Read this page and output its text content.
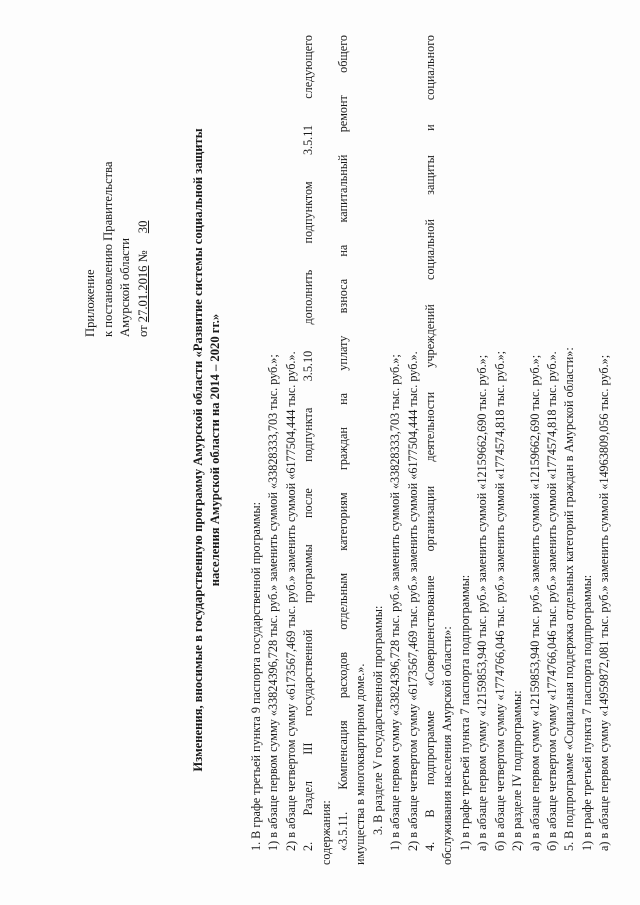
Приложение к постановлению Правительства Амурской области от 27.01.2016 № 30	Изменения, вносимые в государственную программу Амурской области «Развитие системы социальной защиты населения Амурской области на 2014 – 2020 гг.»
1. В графе третьей пункта 9 паспорта государственной программы: 1) в абзаце первом сумму «33824396,728 тыс. руб.» заменить суммой «33828333,703 тыс. руб.»; 2) в абзаце четвертом сумму «6173567,469 тыс. руб.» заменить суммой «6177504,444 тыс. руб.». 2. Раздел III государственной программы после подпункта 3.5.10 дополнить подпунктом 3.5.11 следующего содержания: «3.5.11. Компенсация расходов отдельным категориям граждан на уплату взноса на капитальный ремонт общего имущества в многоквартирном доме.». 3. В разделе V государственной программы: 1) в абзаце первом сумму «33824396,728 тыс. руб.» заменить суммой «33828333,703 тыс. руб.»; 2) в абзаце четвертом сумму «6173567,469 тыс. руб.» заменить суммой «6177504,444 тыс. руб.». 4. В подпрограмме «Совершенствование организации деятельности учреждений социальной защиты и социального обслуживания населения Амурской области»: 1) в графе третьей пункта 7 паспорта подпрограммы: а) в абзаце первом сумму «12159853,940 тыс. руб.» заменить суммой «12159662,690 тыс. руб.»; б) в абзаце четвертом сумму «1774766,046 тыс. руб.» заменить суммой «1774574,818 тыс. руб.»; 2) в разделе IV подпрограммы: а) в абзаце первом сумму «12159853,940 тыс. руб.» заменить суммой «12159662,690 тыс. руб.»; б) в абзаце четвертом сумму «1774766,046 тыс. руб.» заменить суммой «1774574,818 тыс. руб.». 5. В подпрограмме «Социальная поддержка отдельных категорий граждан в Амурской области»: 1) в графе третьей пункта 7 паспорта подпрограммы: а) в абзаце первом сумму «14959872,081 тыс. руб.» заменить суммой «14963809,056 тыс. руб.»;
